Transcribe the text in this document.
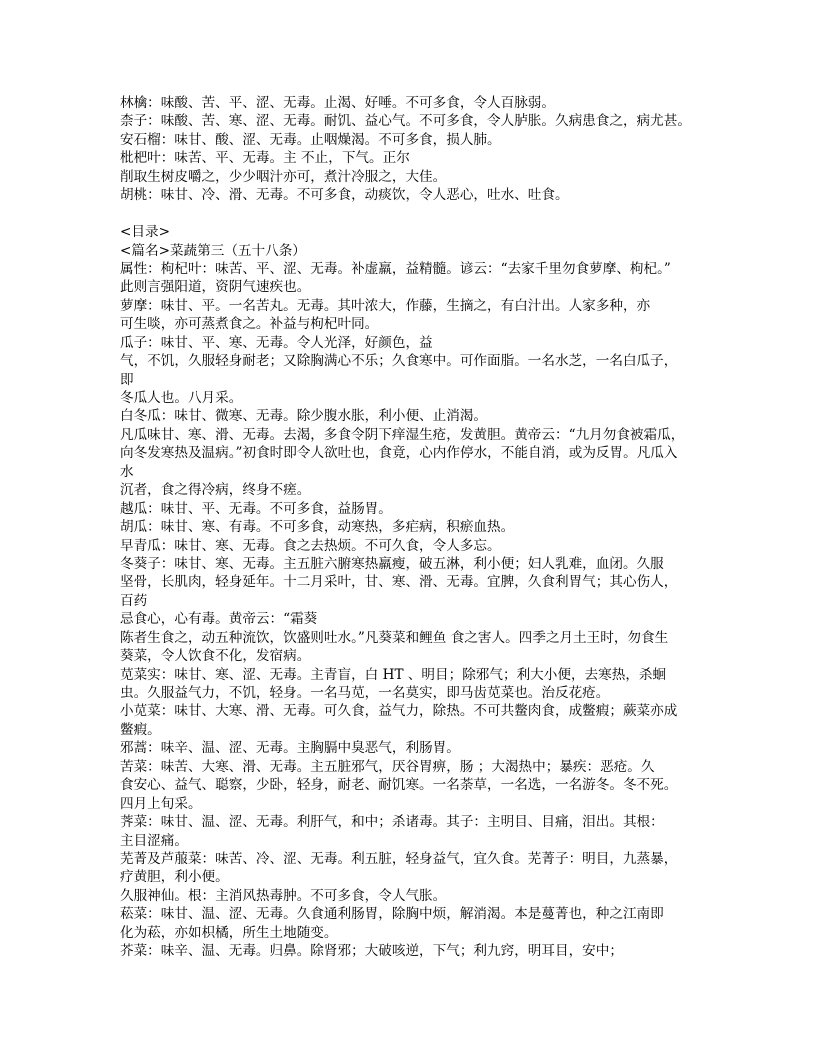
林檎：味酸、苦、平、涩、无毒。止渴、好唾。不可多食，令人百脉弱。
柰子：味酸、苦、寒、涩、无毒。耐饥、益心气。不可多食，令人胪胀。久病患食之，病尤甚。
安石榴：味甘、酸、涩、无毒。止咽燥渴。不可多食，损人肺。
枇杷叶：味苦、平、无毒。主 不止，下气。正尔
削取生树皮嚼之，少少咽汁亦可，煮汁冷服之，大佳。
胡桃：味甘、冷、滑、无毒。不可多食，动痰饮，令人恶心，吐水、吐食。
<目录>
<篇名>菜蔬第三（五十八条）
属性：枸杞叶：味苦、平、涩、无毒。补虚羸，益精髓。谚云：“去家千里勿食萝摩、枸杞。”
此则言强阳道，资阴气速疾也。
萝摩：味甘、平。一名苦丸。无毒。其叶浓大，作藤，生摘之，有白汁出。人家多种，亦
可生啖，亦可蒸煮食之。补益与枸杞叶同。
瓜子：味甘、平、寒、无毒。令人光泽，好颜色，益
气，不饥，久服轻身耐老；又除胸满心不乐；久食寒中。可作面脂。一名水芝，一名白瓜子，
即
冬瓜人也。八月采。
白冬瓜：味甘、微寒、无毒。除少腹水胀，利小便、止消渴。
凡瓜味甘、寒、滑、无毒。去渴，多食令阴下痒湿生疮，发黄胆。黄帝云：“九月勿食被霜瓜，
向冬发寒热及温病。”初食时即令人欲吐也，食竟，心内作停水，不能自消，或为反胃。凡瓜入
水
沉者，食之得冷病，终身不瘥。
越瓜：味甘、平、无毒。不可多食，益肠胃。
胡瓜：味甘、寒、有毒。不可多食，动寒热，多疟病，积瘀血热。
早青瓜：味甘、寒、无毒。食之去热烦。不可久食，令人多忘。
冬葵子：味甘、寒、无毒。主五脏六腑寒热羸瘦，破五淋，利小便；妇人乳难，血闭。久服
坚骨，长肌肉，轻身延年。十二月采叶，甘、寒、滑、无毒。宜脾，久食利胃气；其心伤人，
百药
忌食心，心有毒。黄帝云：“霜葵
陈者生食之，动五种流饮，饮盛则吐水。”凡葵菜和鲤鱼 食之害人。四季之月土王时，勿食生
葵菜，令人饮食不化，发宿病。
苋菜实：味甘、寒、涩、无毒。主青盲，白 HT 、明目；除邪气；利大小便，去寒热，杀蛔
虫。久服益气力，不饥，轻身。一名马苋，一名莫实，即马齿苋菜也。治反花疮。
小苋菜：味甘、大寒、滑、无毒。可久食，益气力，除热。不可共鳖肉食，成鳖瘕；蕨菜亦成
鳖瘕。
邪蒿：味辛、温、涩、无毒。主胸膈中臭恶气，利肠胃。
苦菜：味苦、大寒、滑、无毒。主五脏邪气，厌谷胃痹，肠 ；大渴热中；暴疾：恶疮。久
食安心、益气、聪察，少卧，轻身，耐老、耐饥寒。一名荼草，一名选，一名游冬。冬不死。
四月上旬采。
荠菜：味甘、温、涩、无毒。利肝气，和中；杀诸毒。其子：主明目、目痛，泪出。其根：
主目涩痛。
芜菁及芦菔菜：味苦、冷、涩、无毒。利五脏，轻身益气，宜久食。芜菁子：明目，九蒸暴，
疗黄胆，利小便。
久服神仙。根：主消风热毒肿。不可多食，令人气胀。
菘菜：味甘、温、涩、无毒。久食通利肠胃，除胸中烦，解消渴。本是蔓菁也，种之江南即
化为菘，亦如枳橘，所生土地随变。
芥菜：味辛、温、无毒。归鼻。除肾邪；大破咳逆，下气；利九窍，明耳目，安中；
